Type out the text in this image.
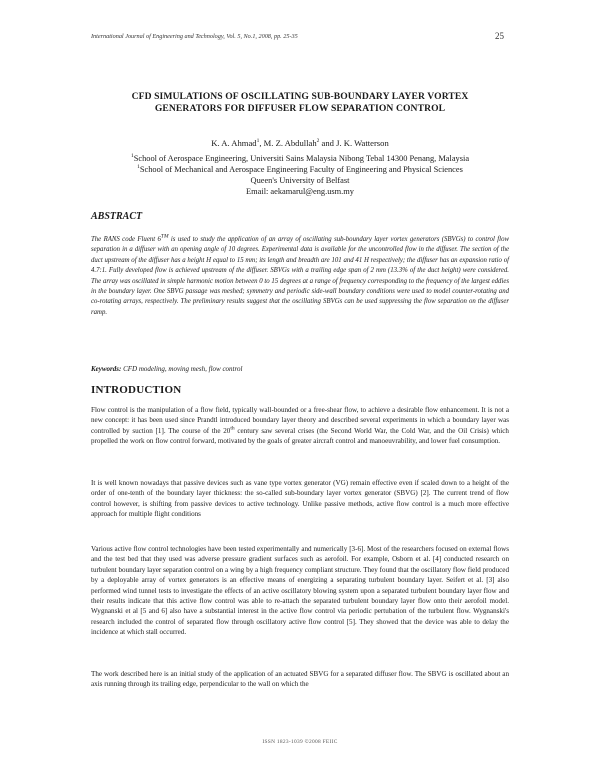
International Journal of Engineering and Technology, Vol. 5, No.1, 2008, pp. 25-35	25
CFD SIMULATIONS OF OSCILLATING SUB-BOUNDARY LAYER VORTEX
GENERATORS FOR DIFFUSER FLOW SEPARATION CONTROL
K. A. Ahmad$^1$, M. Z. Abdullah$^2$ and J. K. Watterson
$^1$School of Aerospace Engineering, Universiti Sains Malaysia Nibong Tebal 14300 Penang, Malaysia
$^1$School of Mechanical and Aerospace Engineering Faculty of Engineering and Physical Sciences
Queen's University of Belfast
Email: aekamarul@eng.usm.my
ABSTRACT
The RANS code Fluent 6™ is used to study the application of an array of oscillating sub-boundary layer vortex generators (SBVGs) to control flow separation in a diffuser with an opening angle of 10 degrees. Experimental data is available for the uncontrolled flow in the diffuser. The section of the duct upstream of the diffuser has a height H equal to 15 mm; its length and breadth are 101 and 41 H respectively; the diffuser has an expansion ratio of 4.7:1. Fully developed flow is achieved upstream of the diffuser. SBVGs with a trailing edge span of 2 mm (13.3% of the duct height) were considered. The array was oscillated in simple harmonic motion between 0 to 15 degrees at a range of frequency corresponding to the frequency of the largest eddies in the boundary layer. One SBVG passage was meshed; symmetry and periodic side-wall boundary conditions were used to model counter-rotating and co-rotating arrays, respectively. The preliminary results suggest that the oscillating SBVGs can be used suppressing the flow separation on the diffuser ramp.
Keywords: CFD modeling, moving mesh, flow control
INTRODUCTION
Flow control is the manipulation of a flow field, typically wall-bounded or a free-shear flow, to achieve a desirable flow enhancement. It is not a new concept: it has been used since Prandtl introduced boundary layer theory and described several experiments in which a boundary layer was controlled by suction [1]. The course of the 20th century saw several crises (the Second World War, the Cold War, and the Oil Crisis) which propelled the work on flow control forward, motivated by the goals of greater aircraft control and manoeuvrability, and lower fuel consumption.
It is well known nowadays that passive devices such as vane type vortex generator (VG) remain effective even if scaled down to a height of the order of one-tenth of the boundary layer thickness: the so-called sub-boundary layer vortex generator (SBVG) [2]. The current trend of flow control however, is shifting from passive devices to active technology. Unlike passive methods, active flow control is a much more effective approach for multiple flight conditions
Various active flow control technologies have been tested experimentally and numerically [3-6]. Most of the researchers focused on external flows and the test bed that they used was adverse pressure gradient surfaces such as aerofoil. For example, Osborn et al. [4] conducted research on turbulent boundary layer separation control on a wing by a high frequency compliant structure. They found that the oscillatory flow field produced by a deployable array of vortex generators is an effective means of energizing a separating turbulent boundary layer. Seifert et al. [3] also performed wind tunnel tests to investigate the effects of an active oscillatory blowing system upon a separated turbulent boundary layer flow and their results indicate that this active flow control was able to re-attach the separated turbulent boundary layer flow onto their aerofoil model. Wygnanski et al [5 and 6] also have a substantial interest in the active flow control via periodic pertubation of the turbulent flow. Wygnanski's research included the control of separated flow through oscillatory active flow control [5]. They showed that the device was able to delay the incidence at which stall occurred.
The work described here is an initial study of the application of an actuated SBVG for a separated diffuser flow. The SBVG is oscillated about an axis running through its trailing edge, perpendicular to the wall on which the
ISSN 1823-1039 ©2008 FEIIC
